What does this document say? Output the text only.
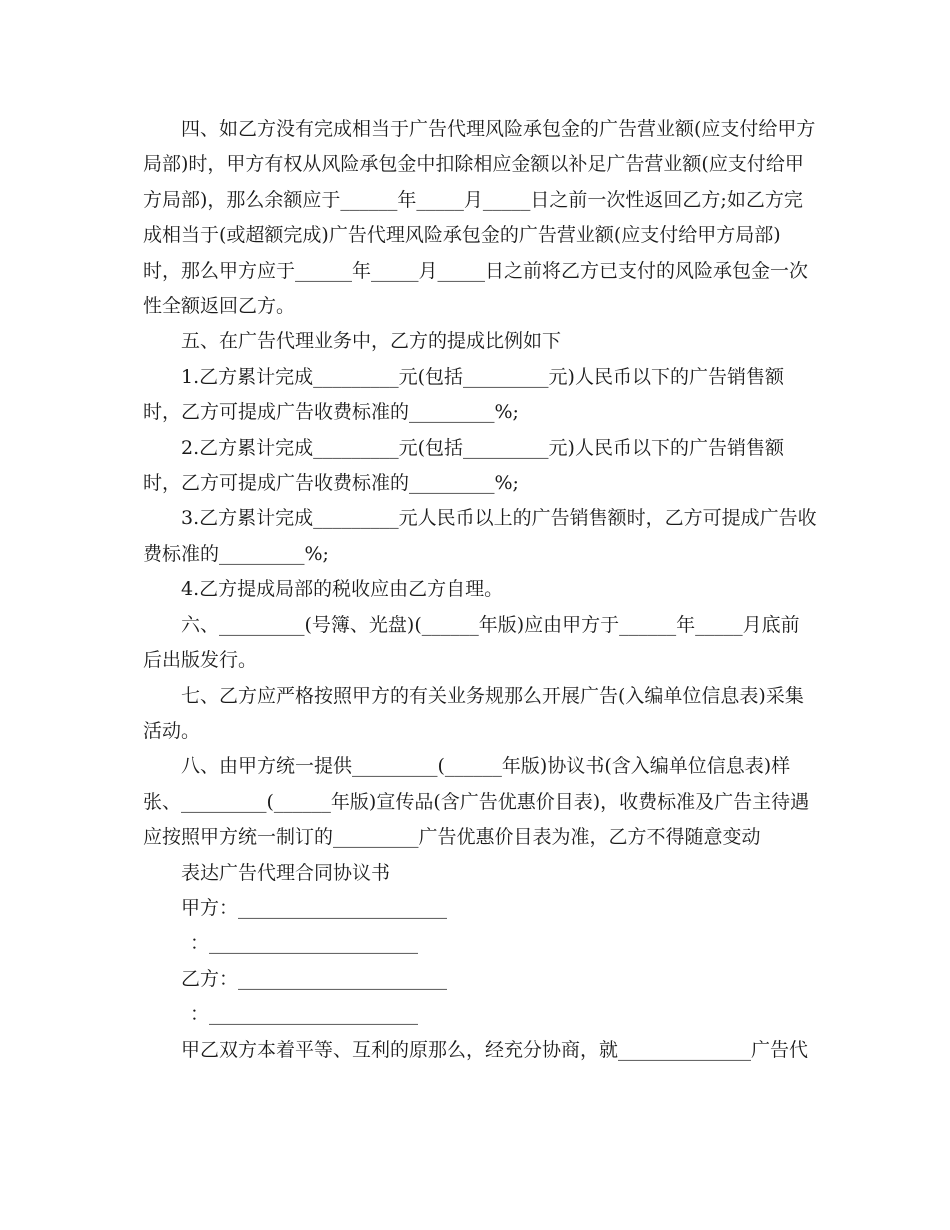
四、如乙方没有完成相当于广告代理风险承包金的广告营业额(应支付给甲方
局部)时，甲方有权从风险承包金中扣除相应金额以补足广告营业额(应支付给甲
方局部)，那么余额应于______年_____月_____日之前一次性返回乙方;如乙方完
成相当于(或超额完成)广告代理风险承包金的广告营业额(应支付给甲方局部)
时，那么甲方应于______年_____月_____日之前将乙方已支付的风险承包金一次
性全额返回乙方。

五、在广告代理业务中，乙方的提成比例如下

1.乙方累计完成_________元(包括_________元)人民币以下的广告销售额
时，乙方可提成广告收费标准的_________%;

2.乙方累计完成_________元(包括_________元)人民币以下的广告销售额
时，乙方可提成广告收费标准的_________%;

3.乙方累计完成_________元人民币以上的广告销售额时，乙方可提成广告收
费标准的_________%;

4.乙方提成局部的税收应由乙方自理。

六、_________(号簿、光盘)(______年版)应由甲方于______年_____月底前
后出版发行。

七、乙方应严格按照甲方的有关业务规那么开展广告(入编单位信息表)采集
活动。

八、由甲方统一提供_________(______年版)协议书(含入编单位信息表)样
张、_________(______年版)宣传品(含广告优惠价目表)，收费标准及广告主待遇
应按照甲方统一制订的_________广告优惠价目表为准，乙方不得随意变动

表达广告代理合同协议书

甲方：______________________

：______________________

乙方：______________________

：______________________

甲乙双方本着平等、互利的原那么，经充分协商，就______________广告代
